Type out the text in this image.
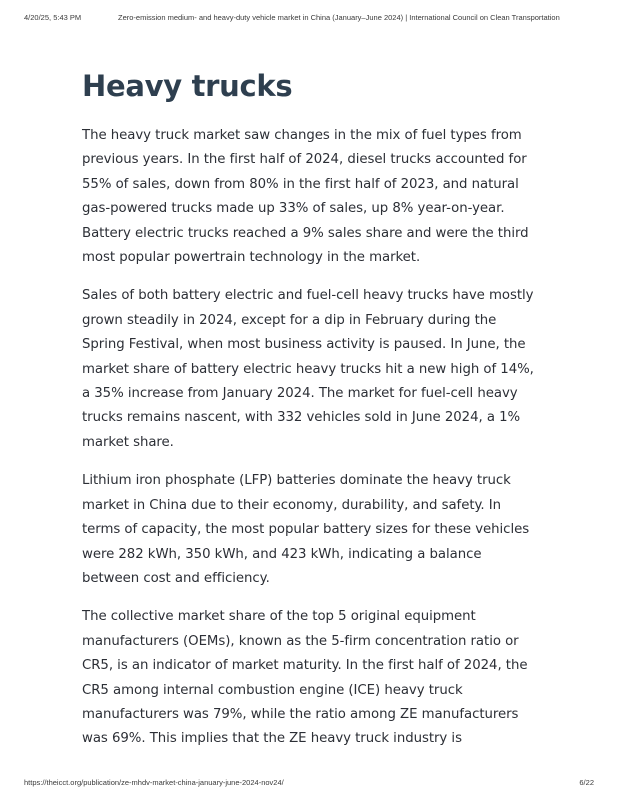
4/20/25, 5:43 PM	Zero-emission medium- and heavy-duty vehicle market in China (January–June 2024) | International Council on Clean Transportation
Heavy trucks

The heavy truck market saw changes in the mix of fuel types from previous years. In the first half of 2024, diesel trucks accounted for 55% of sales, down from 80% in the first half of 2023, and natural gas-powered trucks made up 33% of sales, up 8% year-on-year. Battery electric trucks reached a 9% sales share and were the third most popular powertrain technology in the market.

Sales of both battery electric and fuel-cell heavy trucks have mostly grown steadily in 2024, except for a dip in February during the Spring Festival, when most business activity is paused. In June, the market share of battery electric heavy trucks hit a new high of 14%, a 35% increase from January 2024. The market for fuel-cell heavy trucks remains nascent, with 332 vehicles sold in June 2024, a 1% market share.

Lithium iron phosphate (LFP) batteries dominate the heavy truck market in China due to their economy, durability, and safety. In terms of capacity, the most popular battery sizes for these vehicles were 282 kWh, 350 kWh, and 423 kWh, indicating a balance between cost and efficiency.

The collective market share of the top 5 original equipment manufacturers (OEMs), known as the 5-firm concentration ratio or CR5, is an indicator of market maturity. In the first half of 2024, the CR5 among internal combustion engine (ICE) heavy truck manufacturers was 79%, while the ratio among ZE manufacturers was 69%. This implies that the ZE heavy truck industry is

https://theicct.org/publication/ze-mhdv-market-china-january-june-2024-nov24/	6/22
